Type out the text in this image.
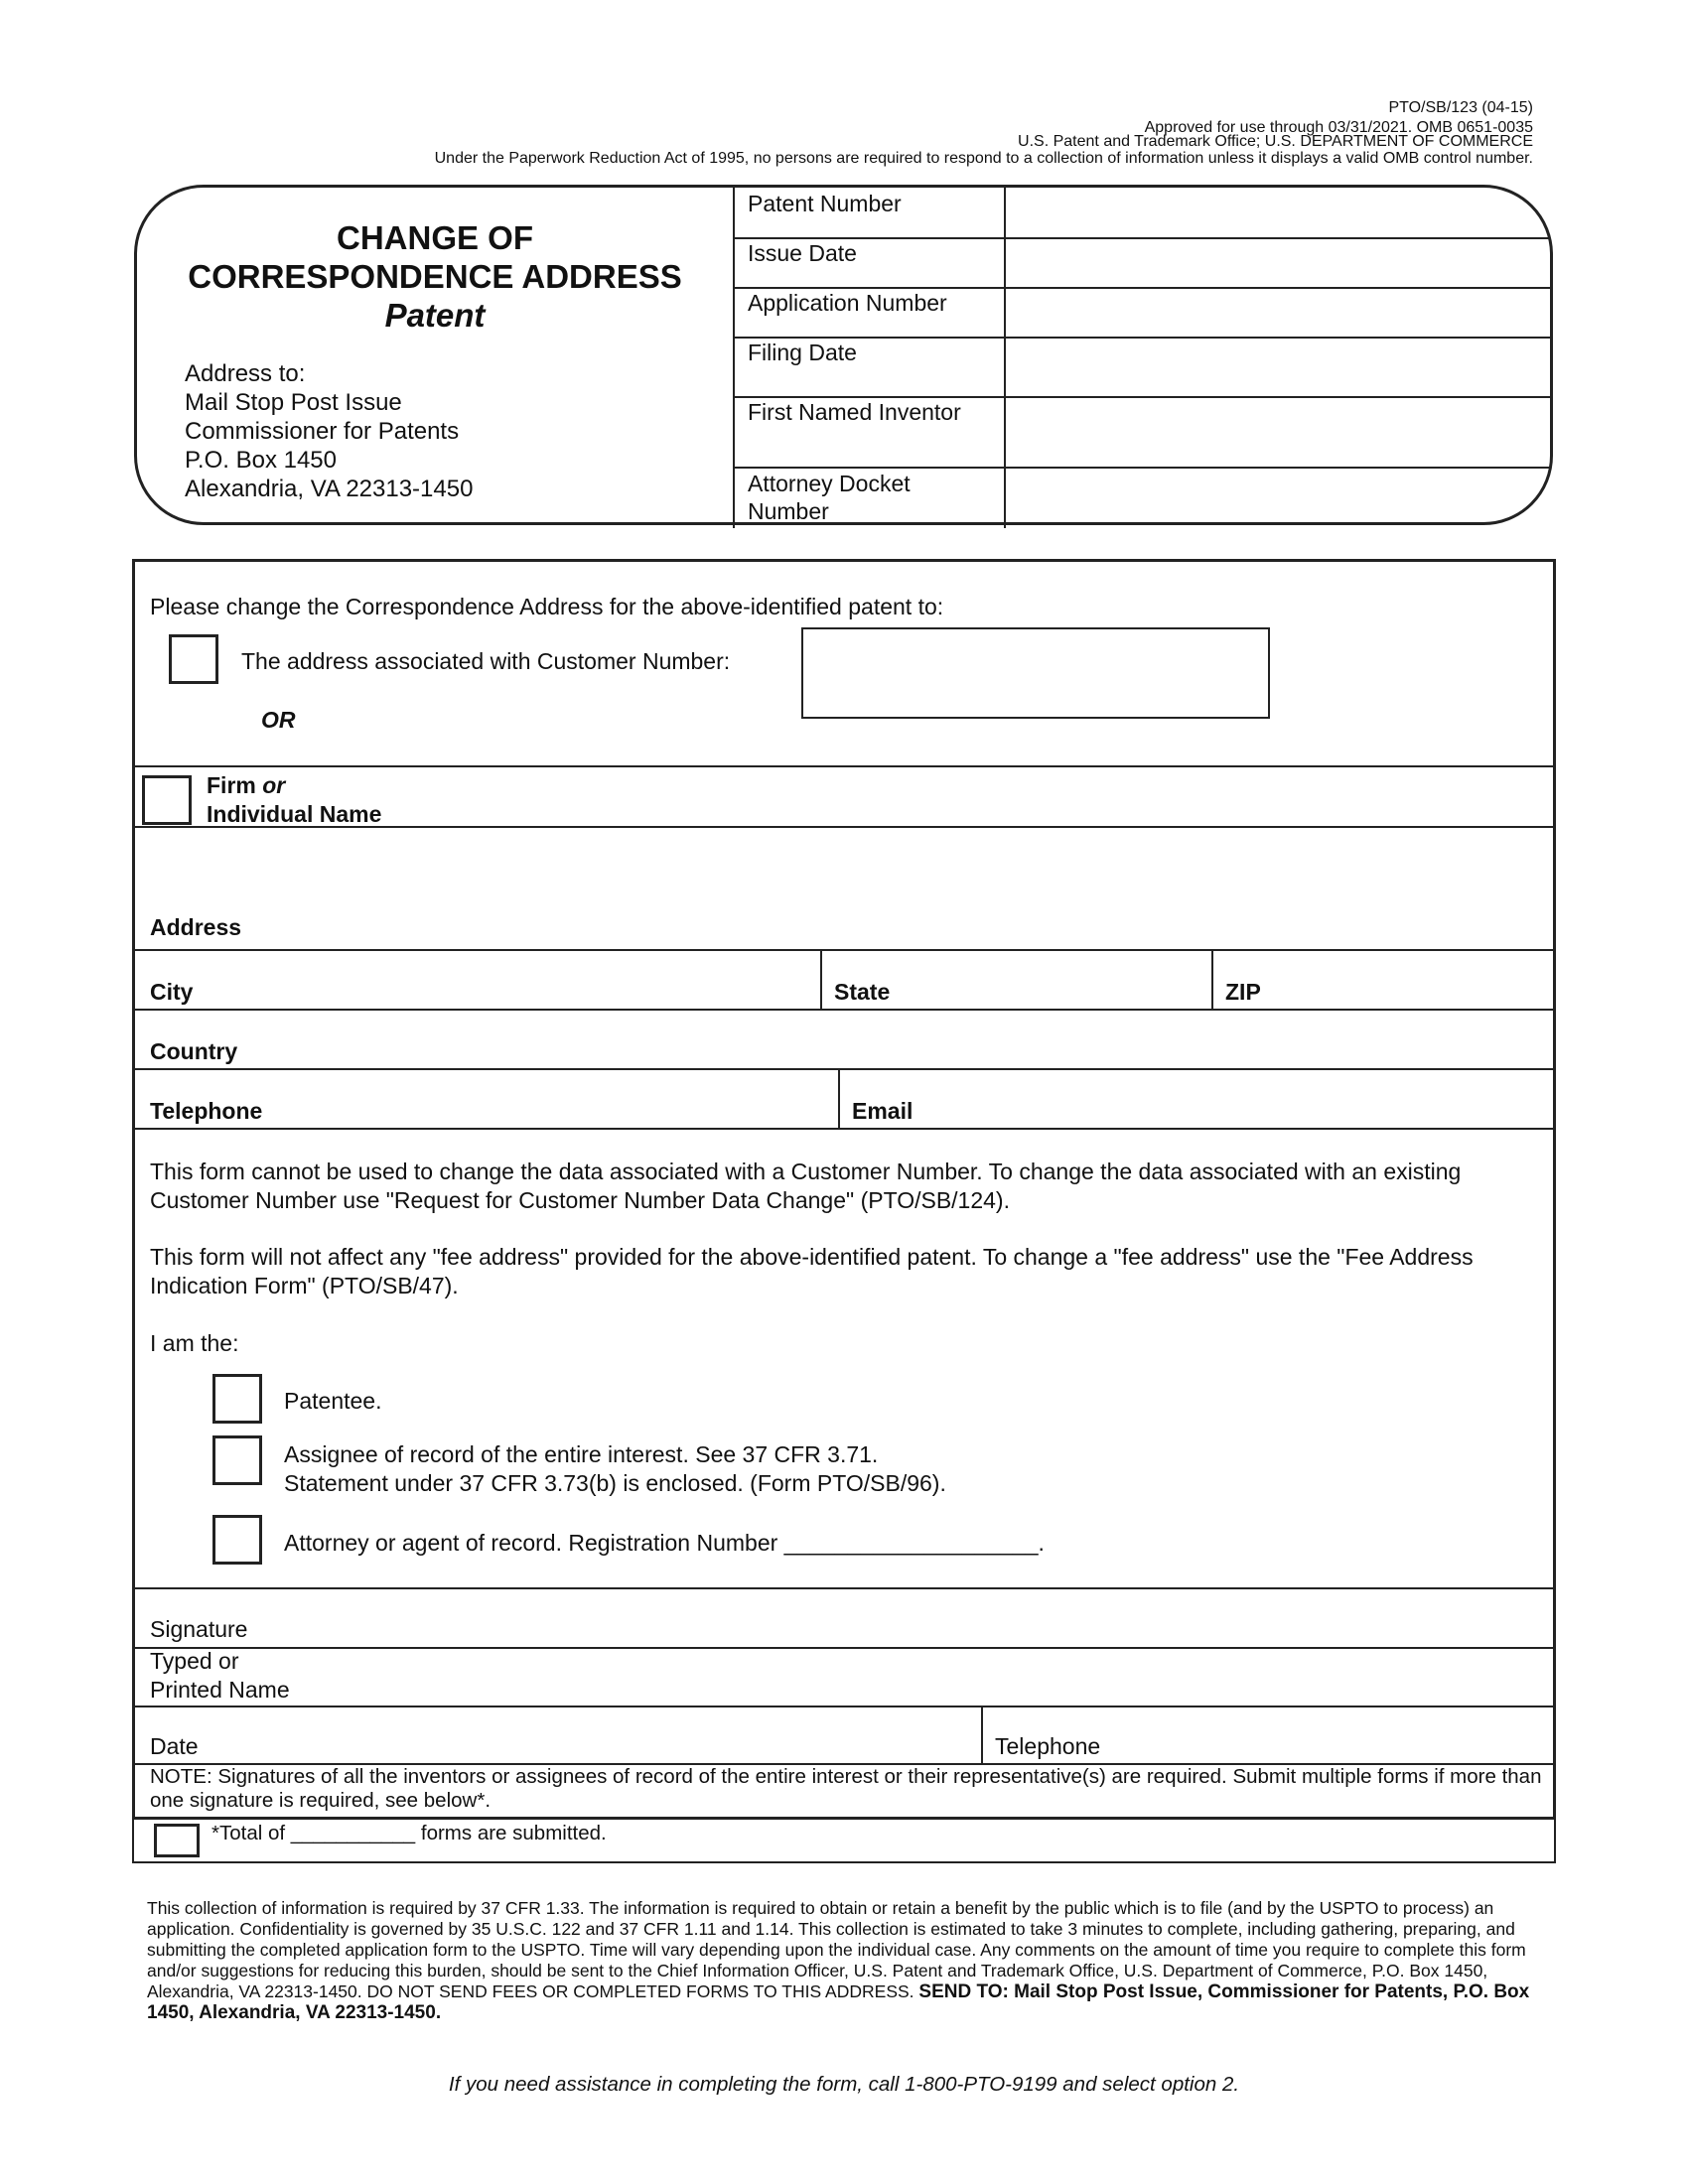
PTO/SB/123 (04-15)
Approved for use through 03/31/2021. OMB 0651-0035
U.S. Patent and Trademark Office; U.S. DEPARTMENT OF COMMERCE
Under the Paperwork Reduction Act of 1995, no persons are required to respond to a collection of information unless it displays a valid OMB control number.
CHANGE OF
CORRESPONDENCE ADDRESS
Patent
Address to:
Mail Stop Post Issue
Commissioner for Patents
P.O. Box 1450
Alexandria, VA 22313-1450
Patent Number
Issue Date
Application Number
Filing Date
First Named Inventor
Attorney Docket Number
Please change the Correspondence Address for the above-identified patent to:
The address associated with Customer Number:
OR
Firm or
Individual Name
Address
City	State	ZIP
Country
Telephone	Email
This form cannot be used to change the data associated with a Customer Number. To change the data associated with an existing Customer Number use "Request for Customer Number Data Change" (PTO/SB/124).
This form will not affect any "fee address" provided for the above-identified patent. To change a "fee address" use the "Fee Address Indication Form" (PTO/SB/47).
I am the:
Patentee.
Assignee of record of the entire interest. See 37 CFR 3.71.
Statement under 37 CFR 3.73(b) is enclosed. (Form PTO/SB/96).
Attorney or agent of record. Registration Number ____________________.
Signature
Typed or
Printed Name
Date	Telephone
NOTE: Signatures of all the inventors or assignees of record of the entire interest or their representative(s) are required. Submit multiple forms if more than one signature is required, see below*.
*Total of ___________ forms are submitted.
This collection of information is required by 37 CFR 1.33. The information is required to obtain or retain a benefit by the public which is to file (and by the USPTO to process) an application. Confidentiality is governed by 35 U.S.C. 122 and 37 CFR 1.11 and 1.14. This collection is estimated to take 3 minutes to complete, including gathering, preparing, and submitting the completed application form to the USPTO. Time will vary depending upon the individual case. Any comments on the amount of time you require to complete this form and/or suggestions for reducing this burden, should be sent to the Chief Information Officer, U.S. Patent and Trademark Office, U.S. Department of Commerce, P.O. Box 1450, Alexandria, VA 22313-1450. DO NOT SEND FEES OR COMPLETED FORMS TO THIS ADDRESS. SEND TO: Mail Stop Post Issue, Commissioner for Patents, P.O. Box 1450, Alexandria, VA 22313-1450.
If you need assistance in completing the form, call 1-800-PTO-9199 and select option 2.
